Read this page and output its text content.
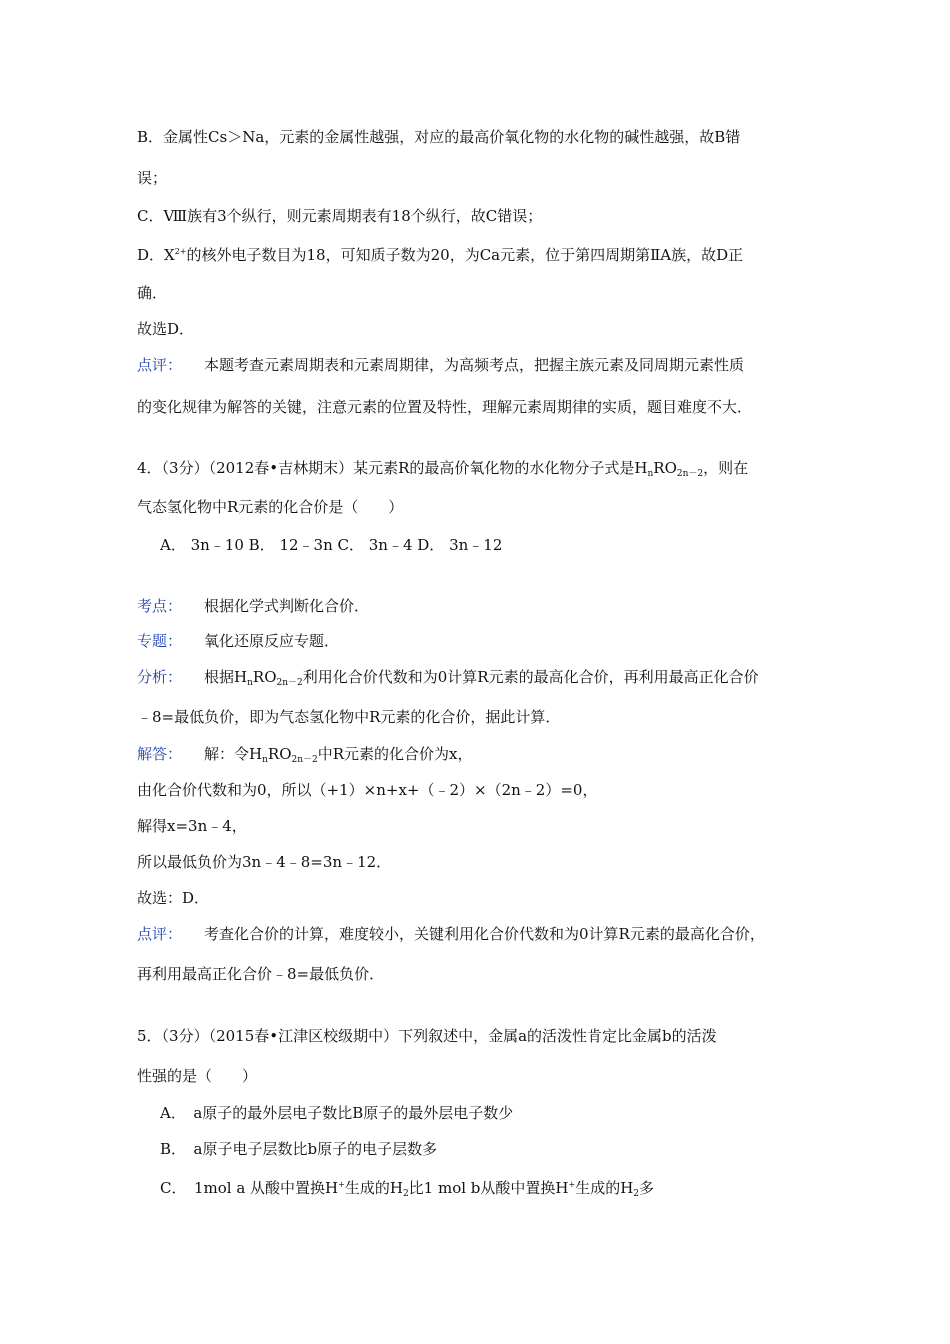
B．金属性Cs＞Na，元素的金属性越强，对应的最高价氧化物的水化物的碱性越强，故B错
误；
C．Ⅷ族有3个纵行，则元素周期表有18个纵行，故C错误；
D．$X^{2+}$的核外电子数目为18，可知质子数为20，为Ca元素，位于第四周期第ⅡA族，故D正
确．
故选D．
点评： 本题考查元素周期表和元素周期律，为高频考点，把握主族元素及同周期元素性质
的变化规律为解答的关键，注意元素的位置及特性，理解元素周期律的实质，题目难度不大．
4．（3分）（2012春•吉林期末）某元素R的最高价氧化物的水化物分子式是$H_nRO_{2n-2}$，则在
气态氢化物中R元素的化合价是（　　）
A． 3n﹣10 B． 12﹣3n C． 3n﹣4 D． 3n﹣12
考点： 根据化学式判断化合价．
专题： 氧化还原反应专题．
分析： 根据$H_nRO_{2n-2}$利用化合价代数和为0计算R元素的最高化合价，再利用最高正化合价
﹣8=最低负价，即为气态氢化物中R元素的化合价，据此计算．
解答： 解：令$H_nRO_{2n-2}$中R元素的化合价为x，
由化合价代数和为0，所以（+1）×n+x+（﹣2）×（2n﹣2）=0，
解得x=3n﹣4，
所以最低负价为3n﹣4﹣8=3n﹣12．
故选：D．
点评： 考查化合价的计算，难度较小，关键利用化合价代数和为0计算R元素的最高化合价，
再利用最高正化合价﹣8=最低负价．
5．（3分）（2015春•江津区校级期中）下列叙述中，金属a的活泼性肯定比金属b的活泼
性强的是（　　）
A．　a原子的最外层电子数比B原子的最外层电子数少
B．　a原子电子层数比b原子的电子层数多
C．　1mol a 从酸中置换H+生成的$H_2$比1 mol b从酸中置换H+生成的$H_2$多
